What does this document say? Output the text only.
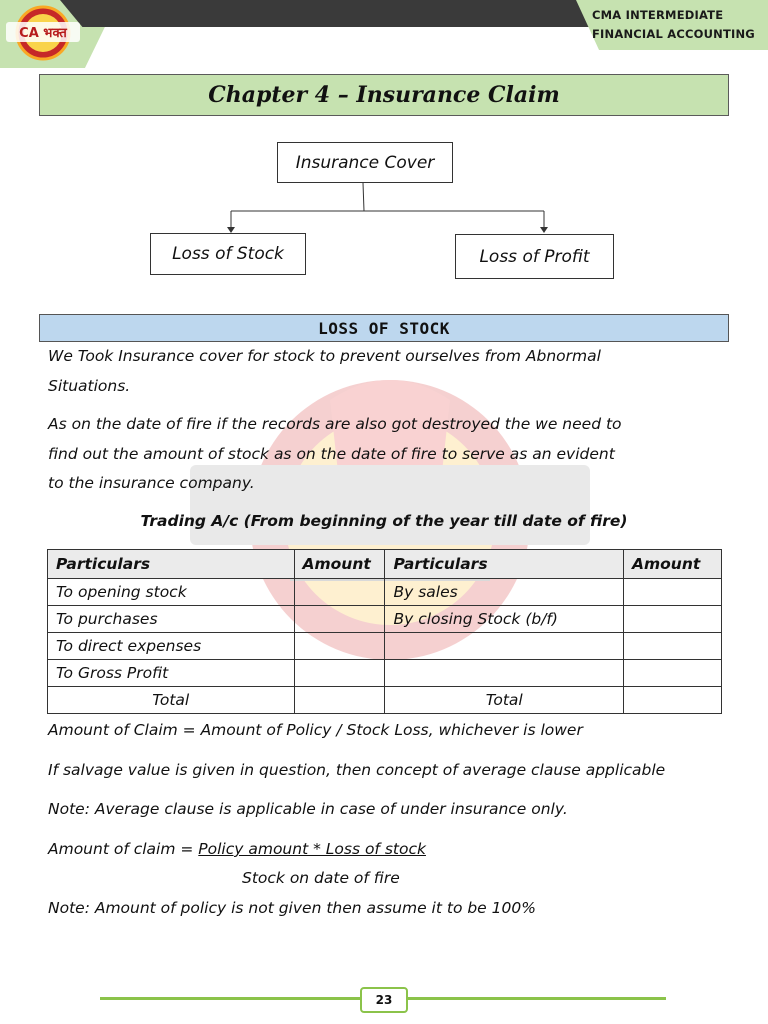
CMA INTERMEDIATE
FINANCIAL ACCOUNTING
CA भक्त
Chapter 4 – Insurance Claim
Insurance Cover
Loss of Stock	Loss of Profit
LOSS OF STOCK
We Took Insurance cover for stock to prevent ourselves from Abnormal
Situations.
As on the date of fire if the records are also got destroyed the we need to
find out the amount of stock as on the date of fire to serve as an evident
to the insurance company.
Trading A/c (From beginning of the year till date of fire)
Particulars	Amount	Particulars	Amount
To opening stock		By sales	
To purchases		By closing Stock (b/f)	
To direct expenses			
To Gross Profit			
Total		Total	
Amount of Claim = Amount of Policy / Stock Loss, whichever is lower
If salvage value is given in question, then concept of average clause applicable
Note: Average clause is applicable in case of under insurance only.
Amount of claim = Policy amount * Loss of stock
Stock on date of fire
Note: Amount of policy is not given then assume it to be 100%
23
